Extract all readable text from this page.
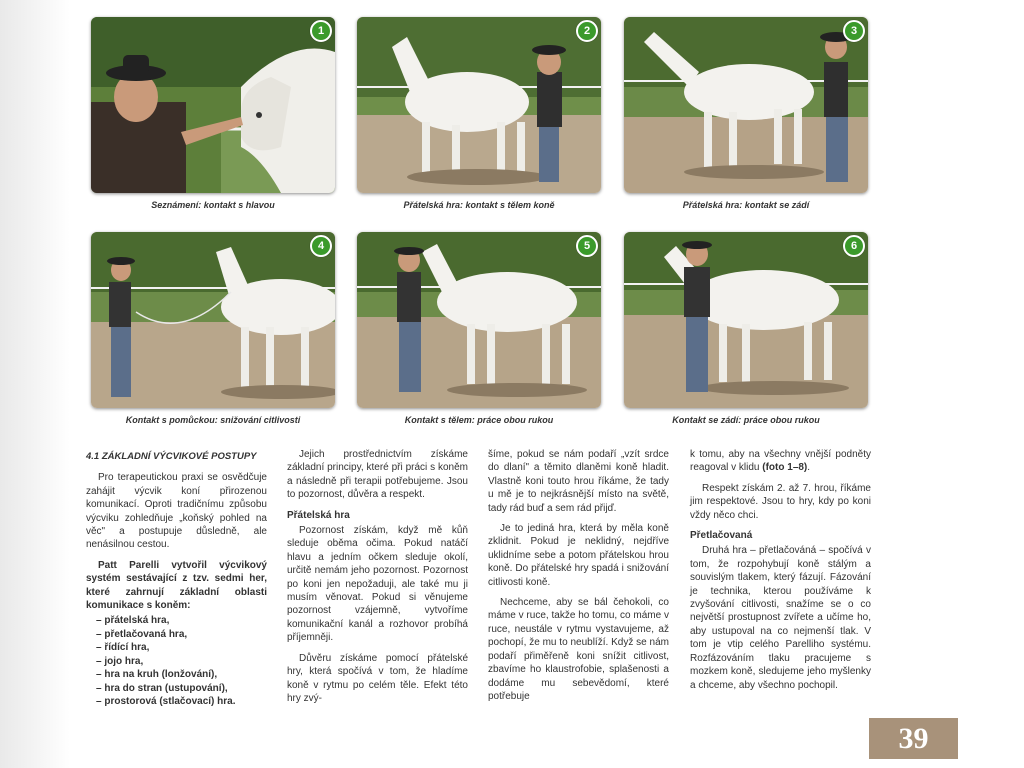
1
Seznámení: kontakt s hlavou
2
Přátelská hra: kontakt s tělem koně
3
Přátelská hra: kontakt se zádí
4
Kontakt s pomůckou: snižování citlivosti
5
Kontakt s tělem: práce obou rukou
6
Kontakt se zádí: práce obou rukou
4.1 ZÁKLADNÍ VÝCVIKOVÉ POSTUPY

Pro terapeutickou praxi se osvědčuje zahájit výcvik koní přirozenou komunikací. Oproti tradičnímu způsobu výcviku zohledňuje „koňský pohled na věc" a postupuje důsledně, ale nenásilnou cestou.

Patt Parelli vytvořil výcvikový systém sestávající z tzv. sedmi her, které zahrnují základní oblasti komunikace s koněm:

– přátelská hra,
– přetlačovaná hra,
– řídící hra,
– jojo hra,
– hra na kruh (lonžování),
– hra do stran (ustupování),
– prostorová (stlačovací) hra.

Jejich prostřednictvím získáme základní principy, které při práci s koněm a následně při terapii potřebujeme. Jsou to pozornost, důvěra a respekt.

Přátelská hra

Pozornost získám, když mě kůň sleduje oběma očima. Pokud natáčí hlavu a jedním očkem sleduje okolí, určitě nemám jeho pozornost. Pozornost po koni jen nepožaduji, ale také mu ji musím věnovat. Pokud si věnujeme pozornost vzájemně, vytvoříme komunikační kanál a rozhovor probíhá příjemněji.

Důvěru získáme pomocí přátelské hry, která spočívá v tom, že hladíme koně v rytmu po celém těle. Efekt této hry zvý-

šíme, pokud se nám podaří „vzít srdce do dlaní" a těmito dlaněmi koně hladit. Vlastně koni touto hrou říkáme, že tady u mě je to nejkrásnější místo na světě, tady rád buď a sem rád přijď.

Je to jediná hra, která by měla koně zklidnit. Pokud je neklidný, nejdříve uklidníme sebe a potom přátelskou hrou koně. Do přátelské hry spadá i snižování citlivosti koně.

Nechceme, aby se bál čehokoli, co máme v ruce, takže ho tomu, co máme v ruce, neustále v rytmu vystavujeme, až pochopí, že mu to neublíží. Když se nám podaří přiměřeně koni snížit citlivost, zbavíme ho klaustrofobie, splašenosti a dodáme mu sebevědomí, které potřebuje

k tomu, aby na všechny vnější podněty reagoval v klidu (foto 1–8).

Respekt získám 2. až 7. hrou, říkáme jim respektové. Jsou to hry, kdy po koni vždy něco chci.

Přetlačovaná

Druhá hra – přetlačováná – spočívá v tom, že rozpohybují koně stálým a souvislým tlakem, který fázují. Fázování je technika, kterou používáme k zvyšování citlivosti, snažíme se o co největší prostupnost zvířete a učíme ho, aby ustupoval na co nejmenší tlak. V tom je vtip celého Parelliho systému. Rozfázováním tlaku pracujeme s mozkem koně, sledujeme jeho myšlenky a chceme, aby všechno pochopil.

39
